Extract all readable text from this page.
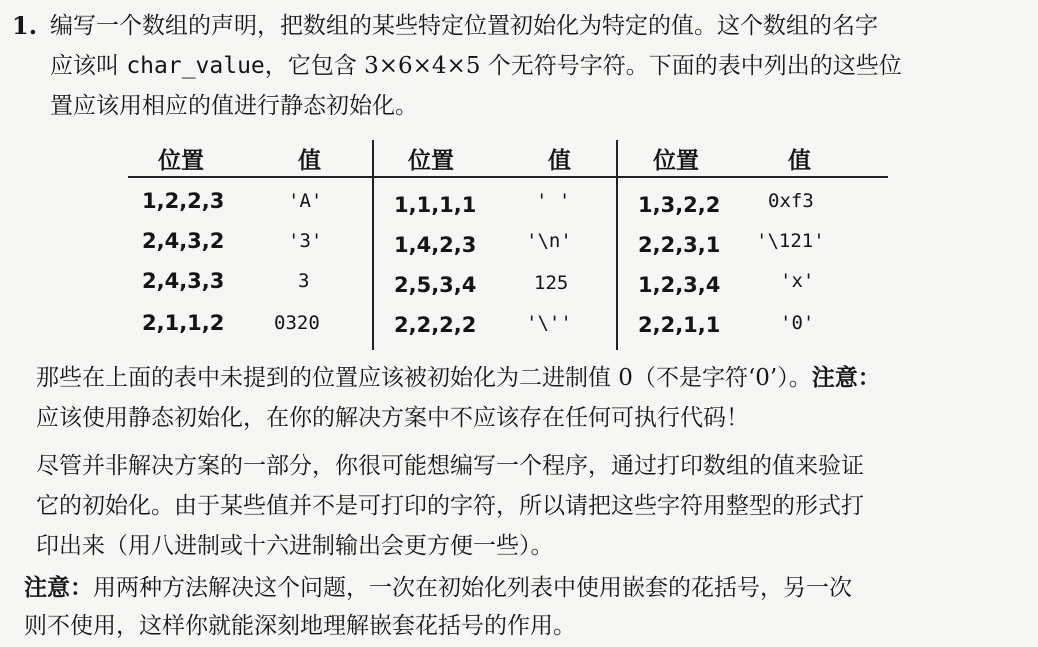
1. 编写一个数组的声明，把数组的某些特定位置初始化为特定的值。这个数组的名字
应该叫 char_value，它包含 3×6×4×5 个无符号字符。下面的表中列出的这些位
置应该用相应的值进行静态初始化。
位置	值	位置	值	位置	值
1,2,2,3	'A'	1,1,1,1	' '	1,3,2,2	0xf3
2,4,3,2	'3'	1,4,2,3	'\n'	2,2,3,1 '\121'
2,4,3,3	3	2,5,3,4	125	1,2,3,4	'x'
2,1,1,2	0320	2,2,2,2	'\''	2,2,1,1	'0'
那些在上面的表中未提到的位置应该被初始化为二进制值 0（不是字符‘0’）。注意：
应该使用静态初始化，在你的解决方案中不应该存在任何可执行代码！
尽管并非解决方案的一部分，你很可能想编写一个程序，通过打印数组的值来验证
它的初始化。由于某些值并不是可打印的字符，所以请把这些字符用整型的形式打
印出来（用八进制或十六进制输出会更方便一些）。
注意：用两种方法解决这个问题，一次在初始化列表中使用嵌套的花括号，另一次
则不使用，这样你就能深刻地理解嵌套花括号的作用。
